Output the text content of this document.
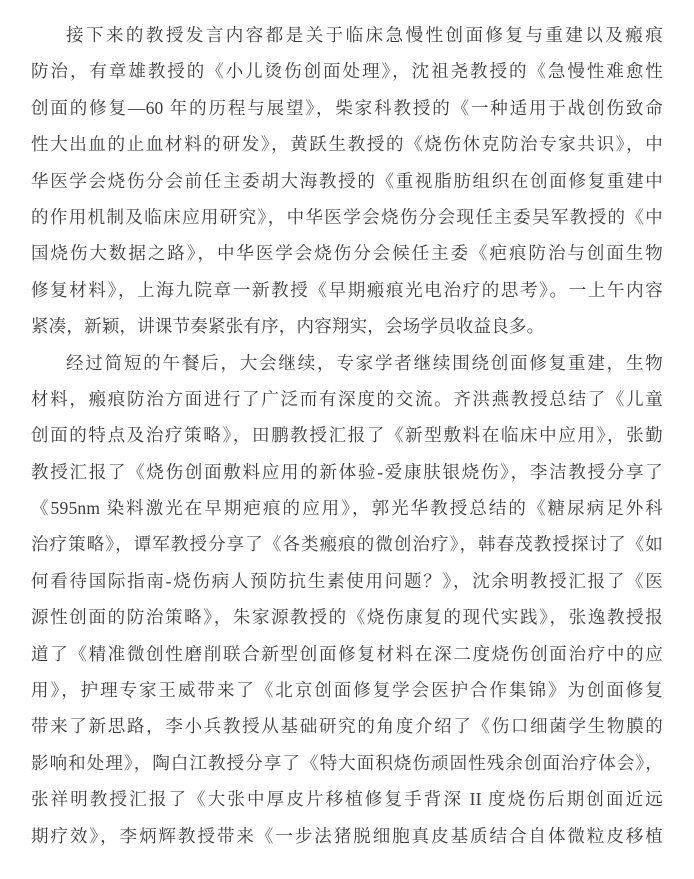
接下来的教授发言内容都是关于临床急慢性创面修复与重建以及瘢痕
防治，有章雄教授的《小儿烫伤创面处理》，沈祖尧教授的《急慢性难愈性
创面的修复—60 年的历程与展望》，柴家科教授的《一种适用于战创伤致命
性大出血的止血材料的研发》，黄跃生教授的《烧伤休克防治专家共识》，中
华医学会烧伤分会前任主委胡大海教授的《重视脂肪组织在创面修复重建中
的作用机制及临床应用研究》，中华医学会烧伤分会现任主委吴军教授的《中
国烧伤大数据之路》，中华医学会烧伤分会候任主委《疤痕防治与创面生物
修复材料》，上海九院章一新教授《早期瘢痕光电治疗的思考》。一上午内容
紧凑，新颖，讲课节奏紧张有序，内容翔实，会场学员收益良多。
经过简短的午餐后，大会继续，专家学者继续围绕创面修复重建，生物
材料，瘢痕防治方面进行了广泛而有深度的交流。齐洪燕教授总结了《儿童
创面的特点及治疗策略》，田鹏教授汇报了《新型敷料在临床中应用》，张勤
教授汇报了《烧伤创面敷料应用的新体验-爱康肤银烧伤》，李洁教授分享了
《595nm 染料激光在早期疤痕的应用》，郭光华教授总结的《糖尿病足外科
治疗策略》，谭军教授分享了《各类瘢痕的微创治疗》，韩春茂教授探讨了《如
何看待国际指南-烧伤病人预防抗生素使用问题？》，沈余明教授汇报了《医
源性创面的防治策略》，朱家源教授的《烧伤康复的现代实践》，张逸教授报
道了《精准微创性磨削联合新型创面修复材料在深二度烧伤创面治疗中的应
用》，护理专家王威带来了《北京创面修复学会医护合作集锦》为创面修复
带来了新思路，李小兵教授从基础研究的角度介绍了《伤口细菌学生物膜的
影响和处理》，陶白江教授分享了《特大面积烧伤顽固性残余创面治疗体会》，
张祥明教授汇报了《大张中厚皮片移植修复手背深 II 度烧伤后期创面近远
期疗效》，李炳辉教授带来《一步法猪脱细胞真皮基质结合自体微粒皮移植
